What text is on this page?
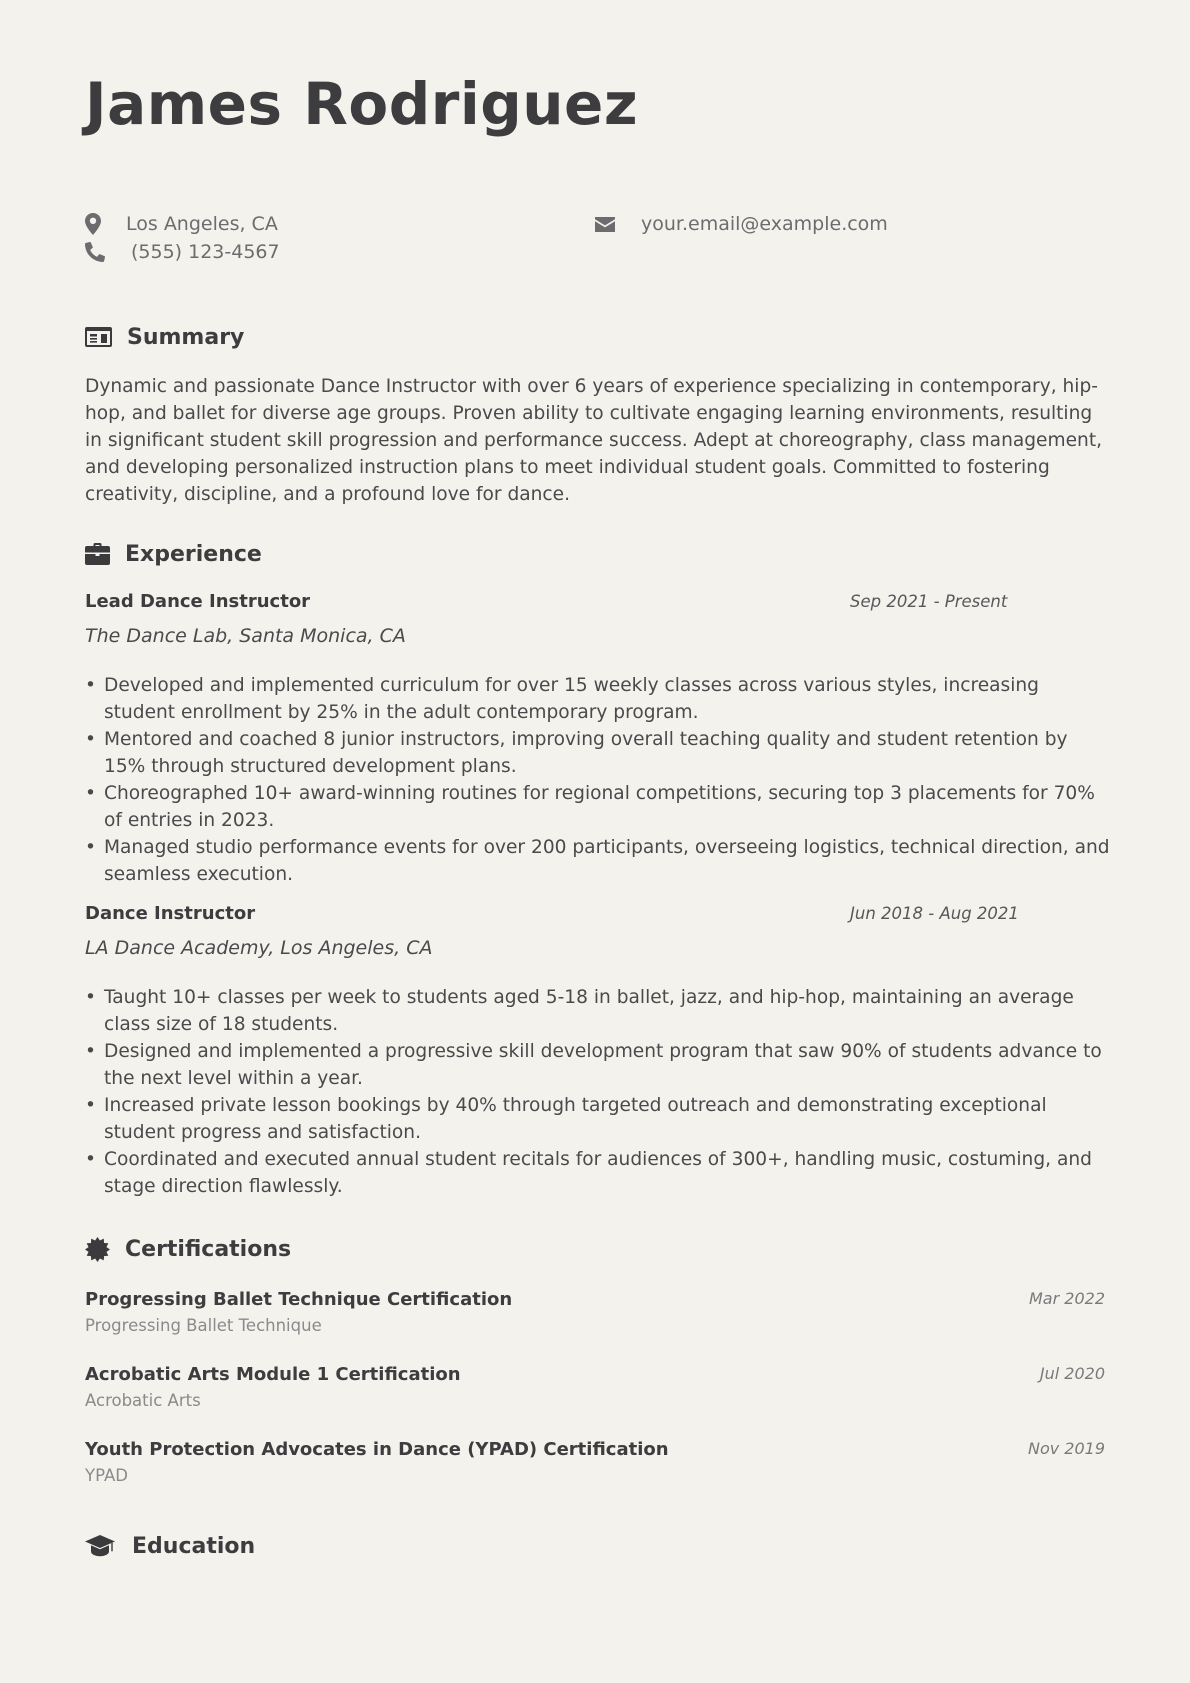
James Rodriguez
Los Angeles, CA
(555) 123-4567
your.email@example.com
Summary

Dynamic and passionate Dance Instructor with over 6 years of experience specializing in contemporary, hip-hop, and ballet for diverse age groups. Proven ability to cultivate engaging learning environments, resulting in significant student skill progression and performance success. Adept at choreography, class management, and developing personalized instruction plans to meet individual student goals. Committed to fostering creativity, discipline, and a profound love for dance.

Experience
Lead Dance Instructor	Sep 2021 - Present
The Dance Lab, Santa Monica, CA
• Developed and implemented curriculum for over 15 weekly classes across various styles, increasing student enrollment by 25% in the adult contemporary program.
• Mentored and coached 8 junior instructors, improving overall teaching quality and student retention by 15% through structured development plans.
• Choreographed 10+ award-winning routines for regional competitions, securing top 3 placements for 70% of entries in 2023.
• Managed studio performance events for over 200 participants, overseeing logistics, technical direction, and seamless execution.
Dance Instructor	Jun 2018 - Aug 2021
LA Dance Academy, Los Angeles, CA
• Taught 10+ classes per week to students aged 5-18 in ballet, jazz, and hip-hop, maintaining an average class size of 18 students.
• Designed and implemented a progressive skill development program that saw 90% of students advance to the next level within a year.
• Increased private lesson bookings by 40% through targeted outreach and demonstrating exceptional student progress and satisfaction.
• Coordinated and executed annual student recitals for audiences of 300+, handling music, costuming, and stage direction flawlessly.
Certifications
Progressing Ballet Technique Certification	Mar 2022
Progressing Ballet Technique
Acrobatic Arts Module 1 Certification	Jul 2020
Acrobatic Arts
Youth Protection Advocates in Dance (YPAD) Certification	Nov 2019
YPAD
Education
